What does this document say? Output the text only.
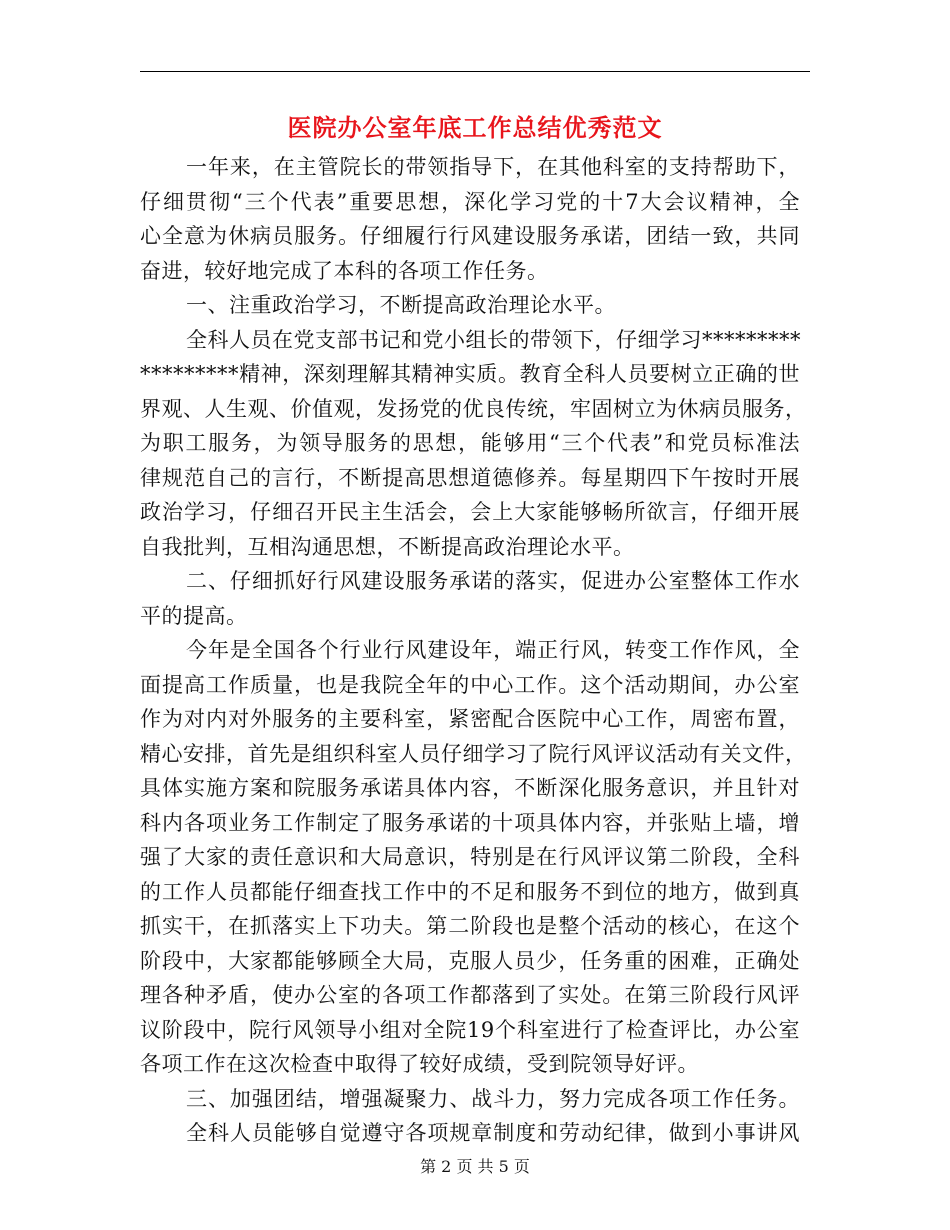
医院办公室年底工作总结优秀范文
一年来，在主管院长的带领指导下，在其他科室的支持帮助下，
仔细贯彻“三个代表”重要思想，深化学习党的十7大会议精神，全
心全意为休病员服务。仔细履行行风建设服务承诺，团结一致，共同
奋进，较好地完成了本科的各项工作任务。
一、注重政治学习，不断提高政治理论水平。
全科人员在党支部书记和党小组长的带领下，仔细学习*********
*********精神，深刻理解其精神实质。教育全科人员要树立正确的世
界观、人生观、价值观，发扬党的优良传统，牢固树立为休病员服务，
为职工服务，为领导服务的思想，能够用“三个代表”和党员标准法
律规范自己的言行，不断提高思想道德修养。每星期四下午按时开展
政治学习，仔细召开民主生活会，会上大家能够畅所欲言，仔细开展
自我批判，互相沟通思想，不断提高政治理论水平。
二、仔细抓好行风建设服务承诺的落实，促进办公室整体工作水
平的提高。
今年是全国各个行业行风建设年，端正行风，转变工作作风，全
面提高工作质量，也是我院全年的中心工作。这个活动期间，办公室
作为对内对外服务的主要科室，紧密配合医院中心工作，周密布置，
精心安排，首先是组织科室人员仔细学习了院行风评议活动有关文件，
具体实施方案和院服务承诺具体内容，不断深化服务意识，并且针对
科内各项业务工作制定了服务承诺的十项具体内容，并张贴上墙，增
强了大家的责任意识和大局意识，特别是在行风评议第二阶段，全科
的工作人员都能仔细查找工作中的不足和服务不到位的地方，做到真
抓实干，在抓落实上下功夫。第二阶段也是整个活动的核心，在这个
阶段中，大家都能够顾全大局，克服人员少，任务重的困难，正确处
理各种矛盾，使办公室的各项工作都落到了实处。在第三阶段行风评
议阶段中，院行风领导小组对全院19个科室进行了检查评比，办公室
各项工作在这次检查中取得了较好成绩，受到院领导好评。
三、加强团结，增强凝聚力、战斗力，努力完成各项工作任务。
全科人员能够自觉遵守各项规章制度和劳动纪律，做到小事讲风
第 2 页 共 5 页
